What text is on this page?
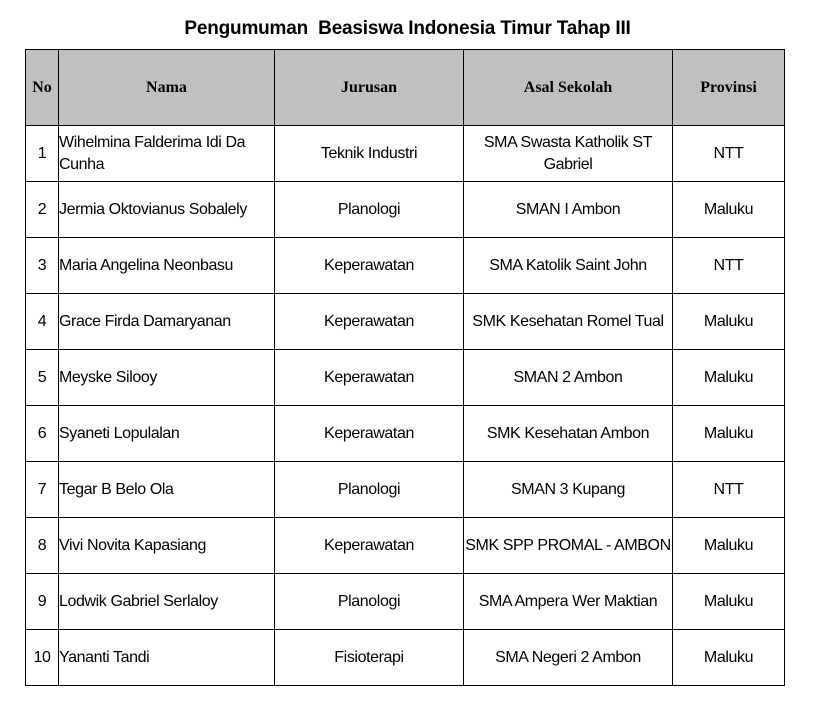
Pengumuman  Beasiswa Indonesia Timur Tahap III
No	Nama	Jurusan	Asal Sekolah	Provinsi
1	Wihelmina Falderima Idi Da Cunha	Teknik Industri	SMA Swasta Katholik ST Gabriel	NTT
2	Jermia Oktovianus Sobalely	Planologi	SMAN I Ambon	Maluku
3	Maria Angelina Neonbasu	Keperawatan	SMA Katolik Saint John	NTT
4	Grace Firda Damaryanan	Keperawatan	SMK Kesehatan Romel Tual	Maluku
5	Meyske Silooy	Keperawatan	SMAN 2 Ambon	Maluku
6	Syaneti Lopulalan	Keperawatan	SMK Kesehatan Ambon	Maluku
7	Tegar B Belo Ola	Planologi	SMAN 3 Kupang	NTT
8	Vivi Novita Kapasiang	Keperawatan	SMK SPP PROMAL - AMBON	Maluku
9	Lodwik Gabriel Serlaloy	Planologi	SMA Ampera Wer Maktian	Maluku
10	Yananti Tandi	Fisioterapi	SMA Negeri 2 Ambon	Maluku
